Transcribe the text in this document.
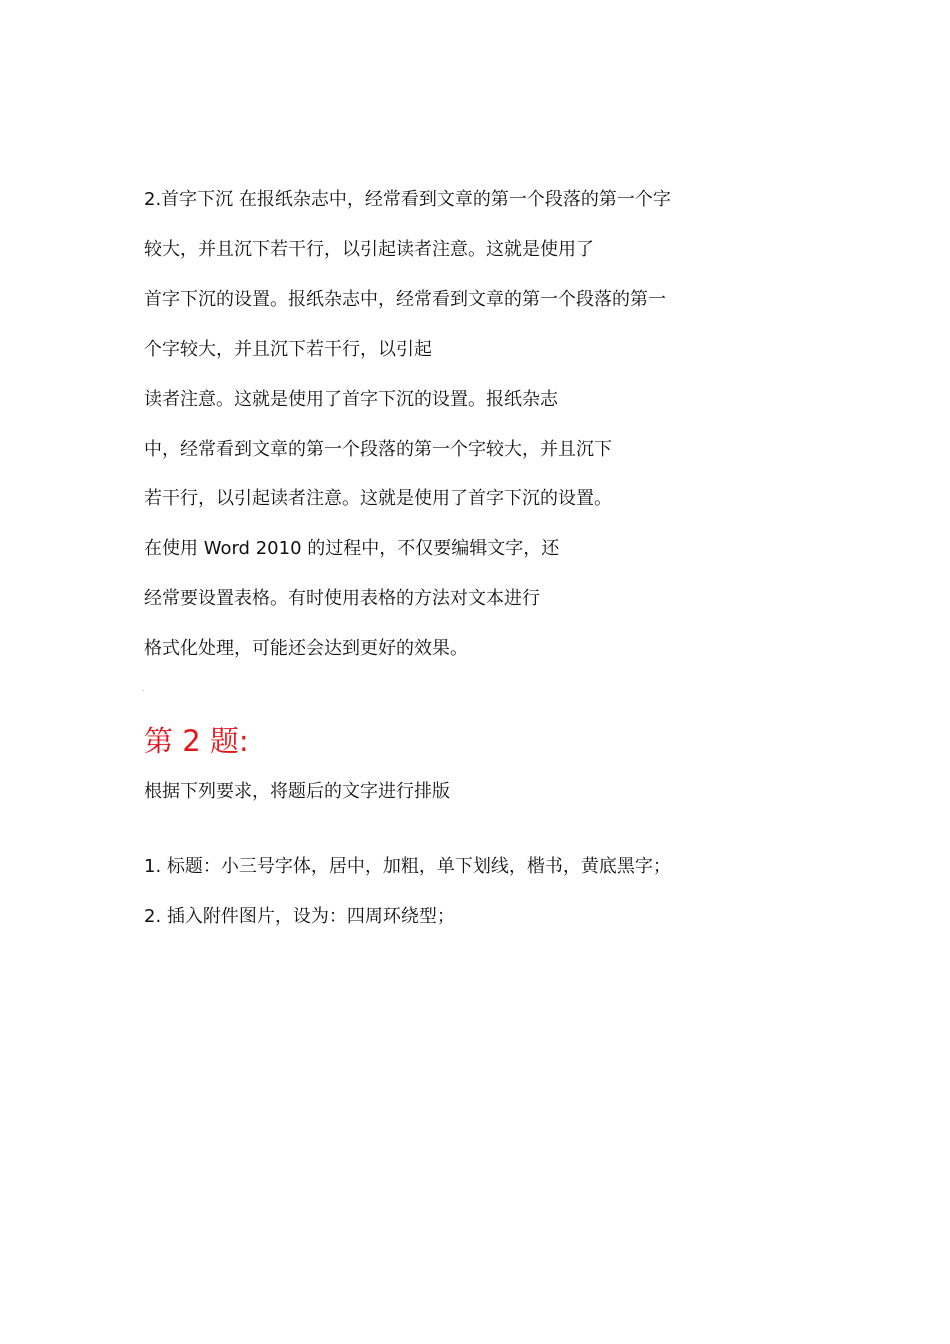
2.首字下沉 在报纸杂志中，经常看到文章的第一个段落的第一个字
较大，并且沉下若干行，以引起读者注意。这就是使用了
首字下沉的设置。报纸杂志中，经常看到文章的第一个段落的第一
个字较大，并且沉下若干行，以引起
读者注意。这就是使用了首字下沉的设置。报纸杂志
中，经常看到文章的第一个段落的第一个字较大，并且沉下
若干行，以引起读者注意。这就是使用了首字下沉的设置。
在使用 Word 2010 的过程中，不仅要编辑文字，还
经常要设置表格。有时使用表格的方法对文本进行
格式化处理，可能还会达到更好的效果。
第 2 题:
根据下列要求，将题后的文字进行排版
1. 标题：小三号字体，居中，加粗，单下划线，楷书，黄底黑字；
2. 插入附件图片，设为：四周环绕型；
